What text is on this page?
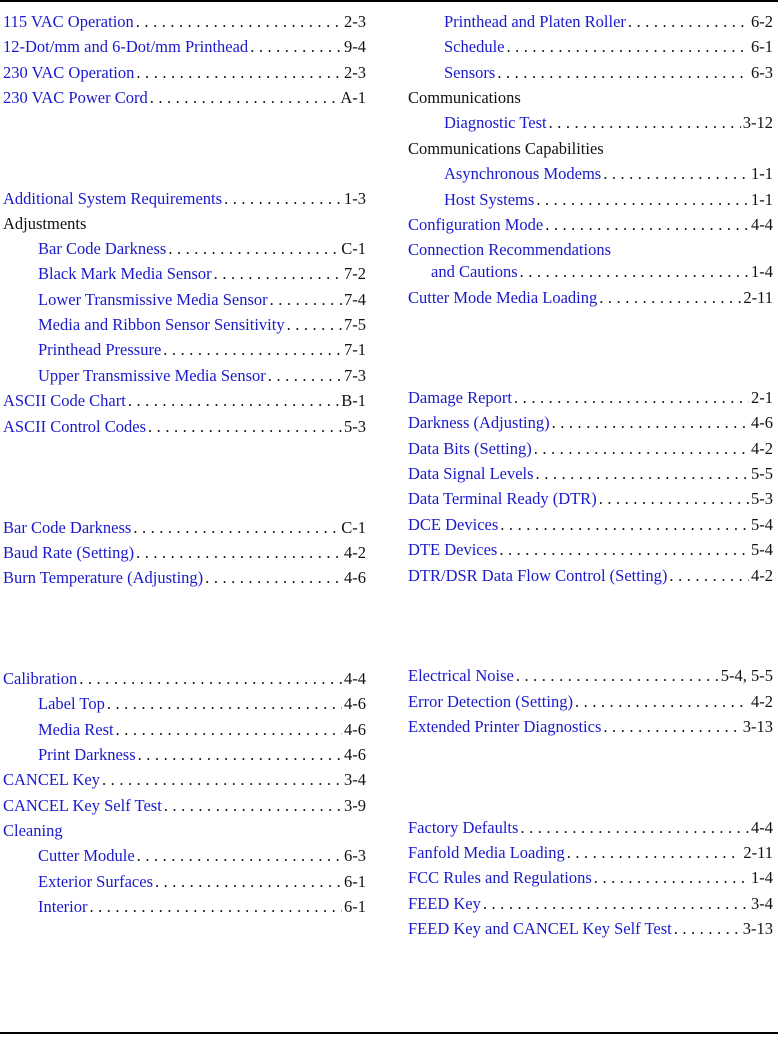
115 VAC Operation . . .	2-3
12-Dot/mm and 6-Dot/mm Printhead . . .	9-4
230 VAC Operation . . .	2-3
230 VAC Power Cord . . .	A-1
Additional System Requirements . . .	1-3
Adjustments
Bar Code Darkness . . .	C-1
Black Mark Media Sensor . . .	7-2
Lower Transmissive Media Sensor . . .	7-4
Media and Ribbon Sensor Sensitivity . . .	7-5
Printhead Pressure . . .	7-1
Upper Transmissive Media Sensor . . .	7-3
ASCII Code Chart . . .	B-1
ASCII Control Codes . . .	5-3
Bar Code Darkness . . .	C-1
Baud Rate (Setting) . . .	4-2
Burn Temperature (Adjusting) . . .	4-6
Calibration . . .	4-4
Label Top . . .	4-6
Media Rest . . .	4-6
Print Darkness . . .	4-6
CANCEL Key . . .	3-4
CANCEL Key Self Test . . .	3-9
Cleaning
Cutter Module . . .	6-3
Exterior Surfaces . . .	6-1
Interior . . .	6-1
Printhead and Platen Roller . . .	6-2
Schedule . . .	6-1
Sensors . . .	6-3
Communications
Diagnostic Test . . .	3-12
Communications Capabilities
Asynchronous Modems . . .	1-1
Host Systems . . .	1-1
Configuration Mode . . .	4-4
Connection Recommendations
and Cautions . . .	1-4
Cutter Mode Media Loading . . .	2-11
Damage Report . . .	2-1
Darkness (Adjusting) . . .	4-6
Data Bits (Setting) . . .	4-2
Data Signal Levels . . .	5-5
Data Terminal Ready (DTR) . . .	5-3
DCE Devices . . .	5-4
DTE Devices . . .	5-4
DTR/DSR Data Flow Control (Setting) . . .	4-2
Electrical Noise . . .	5-4, 5-5
Error Detection (Setting) . . .	4-2
Extended Printer Diagnostics . . .	3-13
Factory Defaults . . .	4-4
Fanfold Media Loading . . .	2-11
FCC Rules and Regulations . . .	1-4
FEED Key . . .	3-4
FEED Key and CANCEL Key Self Test . . .	3-13
